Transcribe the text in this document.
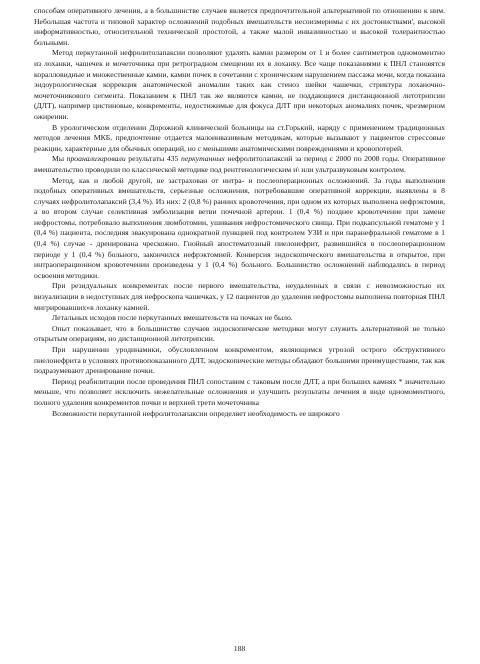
способам оперативного лечения, а в большинстве случаев является предпочтительной альтернативой по отношению к ним. Небольшая частота и типовой характер осложнений подобных вмешательств несоизмеримы с их достоинствами', высокой информативностью, относительной технической простотой, а также малой инвазивностью и высокой толерантностью больными.

Метод перкутанной нефролитолапаксии позволяют удалять камни размером от 1 и более сантиметров одномоментно из лоханки, чашечек и мочеточника при ретроградном смещении их в лоханку. Все чаще показаниями к ПНЛ становятся коралловидные и множественные камни, камни почек в сочетании с хроническим нарушением пассажа мочи, когда показана эндоурологическая коррекция анатомической аномалии таких как стеноз шейки чашечки, стриктура лоханочно-мочеточникового сегмента. Показанием к ПНЛ так же являются камни, не поддающиеся дистанционной литотрипсии (ДЛТ), например цистиновые, конкременты, недостижимые для фокуса ДЛТ при некоторых аномалиях почек, чрезмерном ожирении.

В урологическом отделении Дорожной клинической больницы на ст.Горький, наряду с применением традиционных методов лечения МКБ, предпочтение отдается малоинвазивным методикам, которые вызывают у пациентов стрессовые реакции, характерные для обычных операций, но с меньшими анатомическими повреждениями и кровопотерей.

Мы проанализировали результаты 435 перкутанных нефролитолапаксий за период с 2000 по 2008 годы. Оперативное вмешательство проводили по классической методике под рентгенологическим и\ или ультразвуковым контролем.

Метод, как и любой другой, не застрахован от интра- и послеоперационных осложнений. За годы выполнения подобных оперативных вмешательств, серьезные осложнения, потребовавшие оперативной коррекции, выявлены в 8 случаях нефролитолапаксий (3,4 %). Из них: 2 (0,8 %) ранних кровотечения, при одном их которых выполнена нефрэктомия, а во втором случае селективная эмболизация ветви почечной артерии. 1 (0,4 %) позднее кровотечение при замене нефростомы, потребовало выполнения люмботомии, ушивания нефростомического свища. При подкапсульной гематоме у 1 (0,4 %) пациента, последняя эвакуирована однократной пункцией под контролем УЗИ и при паранефральной гематоме в 1 (0,4 %) случае - дренирована чрескожно. Гнойный апостематозный пиелонефрит, развившийся в послеоперационном периоде у 1 (0,4 %) больного, закончился нефрэктомией. Конверсия эндоскопического вмешательства в открытое, при интраоперационном кровотечении произведена у 1 (0,4 %) больного. Большинство осложнений наблюдались в период освоения методики.

При резидуальных конкрементах после первого вмешательства, неудаленных в связи с невозможностью их визуализации в недоступных для нефроскопа чашечках, у 12 пациентов до удаления нефростомы выполнена повторная ПНЛ мигрировавших»в лоханку камней.

Летальных исходов после перкутанных вмешательств на почках не было.

Опыт показывает, что в большинстве случаев эндоскопические методики могут служить альтернативой не только открытым операциям, но дистанционной литотрипсии.

При нарушении уродинамики, обусловленном конкрементом, являющимся угрозой острого обструктивного пиелонефрита в условиях противопоказанного ДЛТ, эндоскопические методы обладают большими преимуществами, так как подразумевают дренирование почки.

Период реабилитации после проведения ПНЛ сопоставим с таковым после ДЛТ, а при больших камнях * значительно меньше, что позволяет исключить нежелательные осложнения и улучшить результаты лечения в виде одномоментного, полного удаления конкрементов почки и верхней трети мочеточника

Возможности перкутанной нефролитолапаксии определяет необходимость ее широкого

188
